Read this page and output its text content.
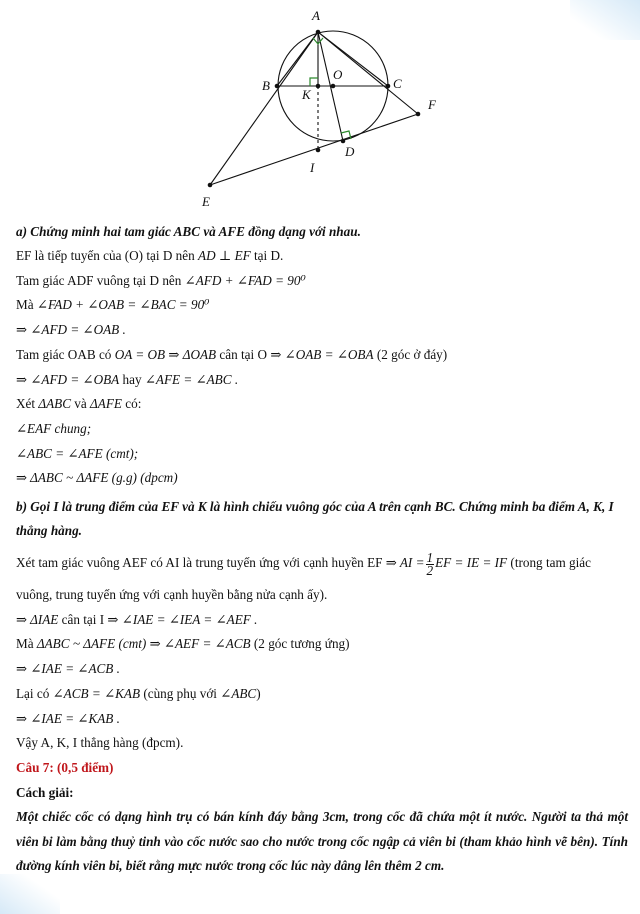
A
B	C
O
K
D
F
I
E
a) Chứng minh hai tam giác ABC và AFE đồng dạng với nhau.
EF là tiếp tuyến của (O) tại D nên AD ⊥ EF tại D.
Tam giác ADF vuông tại D nên ∠AFD + ∠FAD = 90⁰
Mà ∠FAD + ∠OAB = ∠BAC = 90⁰
⇒ ∠AFD = ∠OAB .
Tam giác OAB có OA = OB ⇒ ΔOAB cân tại O ⇒ ∠OAB = ∠OBA (2 góc ở đáy)
⇒ ∠AFD = ∠OBA hay ∠AFE = ∠ABC .
Xét ΔABC và ΔAFE có:
∠EAF chung;
∠ABC = ∠AFE (cmt);
⇒ ΔABC ~ ΔAFE (g.g) (dpcm)
b) Gọi I là trung điểm của EF và K là hình chiếu vuông góc của A trên cạnh BC. Chứng minh ba điểm A, K, I thẳng hàng.
Xét tam giác vuông AEF có AI là trung tuyến ứng với cạnh huyền EF ⇒ AI = $\frac{1}{2}$ EF = IE = IF (trong tam giác
vuông, trung tuyến ứng với cạnh huyền bằng nửa cạnh ấy).
⇒ ΔIAE cân tại I ⇒ ∠IAE = ∠IEA = ∠AEF .
Mà ΔABC ~ ΔAFE (cmt) ⇒ ∠AEF = ∠ACB (2 góc tương ứng)
⇒ ∠IAE = ∠ACB .
Lại có ∠ACB = ∠KAB (cùng phụ với ∠ABC)
⇒ ∠IAE = ∠KAB .
Vậy A, K, I thẳng hàng (đpcm).
Câu 7: (0,5 điểm)
Cách giải:
Một chiếc cốc có dạng hình trụ có bán kính đáy bằng 3cm, trong cốc đã chứa một ít nước. Người ta thả một viên bi làm bằng thuỷ tinh vào cốc nước sao cho nước trong cốc ngập cả viên bi (tham khảo hình vẽ bên). Tính đường kính viên bi, biết rằng mực nước trong cốc lúc này dâng lên thêm 2 cm.
